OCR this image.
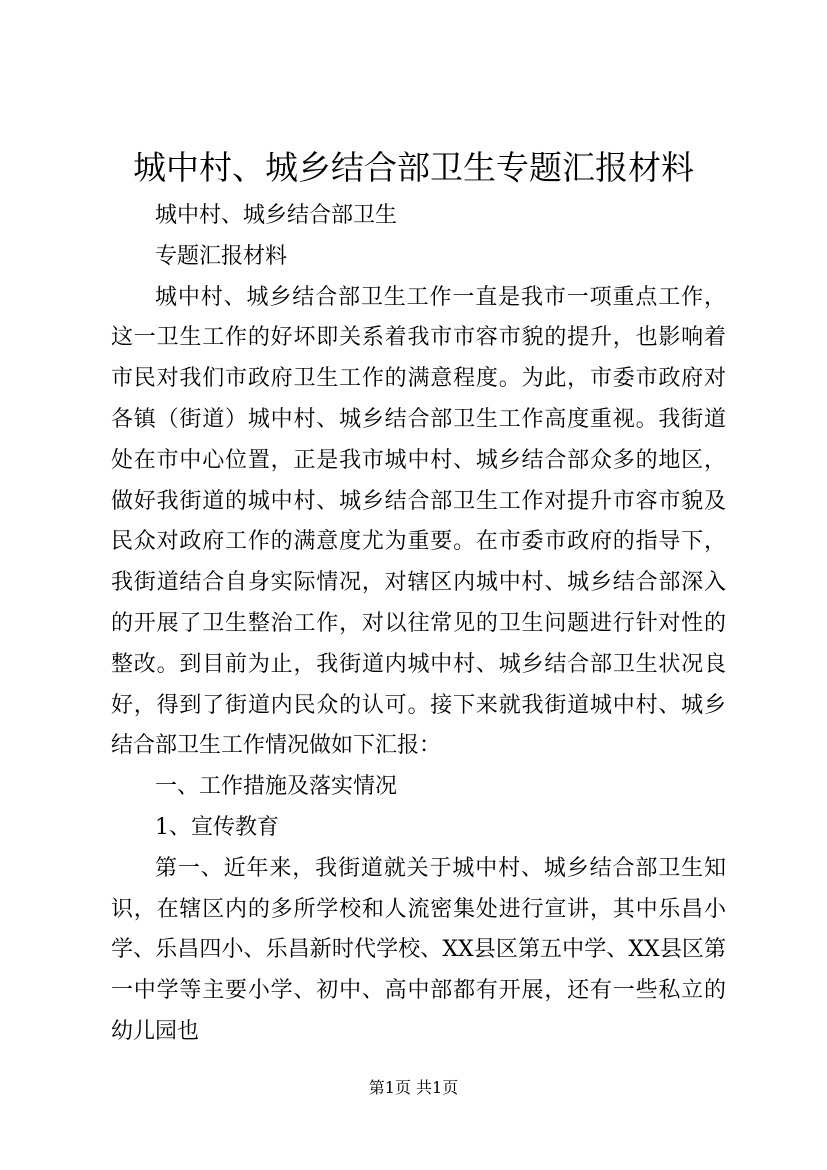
城中村、城乡结合部卫生专题汇报材料

城中村、城乡结合部卫生

专题汇报材料

城中村、城乡结合部卫生工作一直是我市一项重点工作，这一卫生工作的好坏即关系着我市市容市貌的提升，也影响着市民对我们市政府卫生工作的满意程度。为此，市委市政府对各镇（街道）城中村、城乡结合部卫生工作高度重视。我街道处在市中心位置，正是我市城中村、城乡结合部众多的地区，做好我街道的城中村、城乡结合部卫生工作对提升市容市貌及民众对政府工作的满意度尤为重要。在市委市政府的指导下，我街道结合自身实际情况，对辖区内城中村、城乡结合部深入的开展了卫生整治工作，对以往常见的卫生问题进行针对性的整改。到目前为止，我街道内城中村、城乡结合部卫生状况良好，得到了街道内民众的认可。接下来就我街道城中村、城乡结合部卫生工作情况做如下汇报：

一、工作措施及落实情况

1、宣传教育

第一、近年来，我街道就关于城中村、城乡结合部卫生知识，在辖区内的多所学校和人流密集处进行宣讲，其中乐昌小学、乐昌四小、乐昌新时代学校、XX县区第五中学、XX县区第一中学等主要小学、初中、高中部都有开展，还有一些私立的幼儿园也

第1页 共1页
